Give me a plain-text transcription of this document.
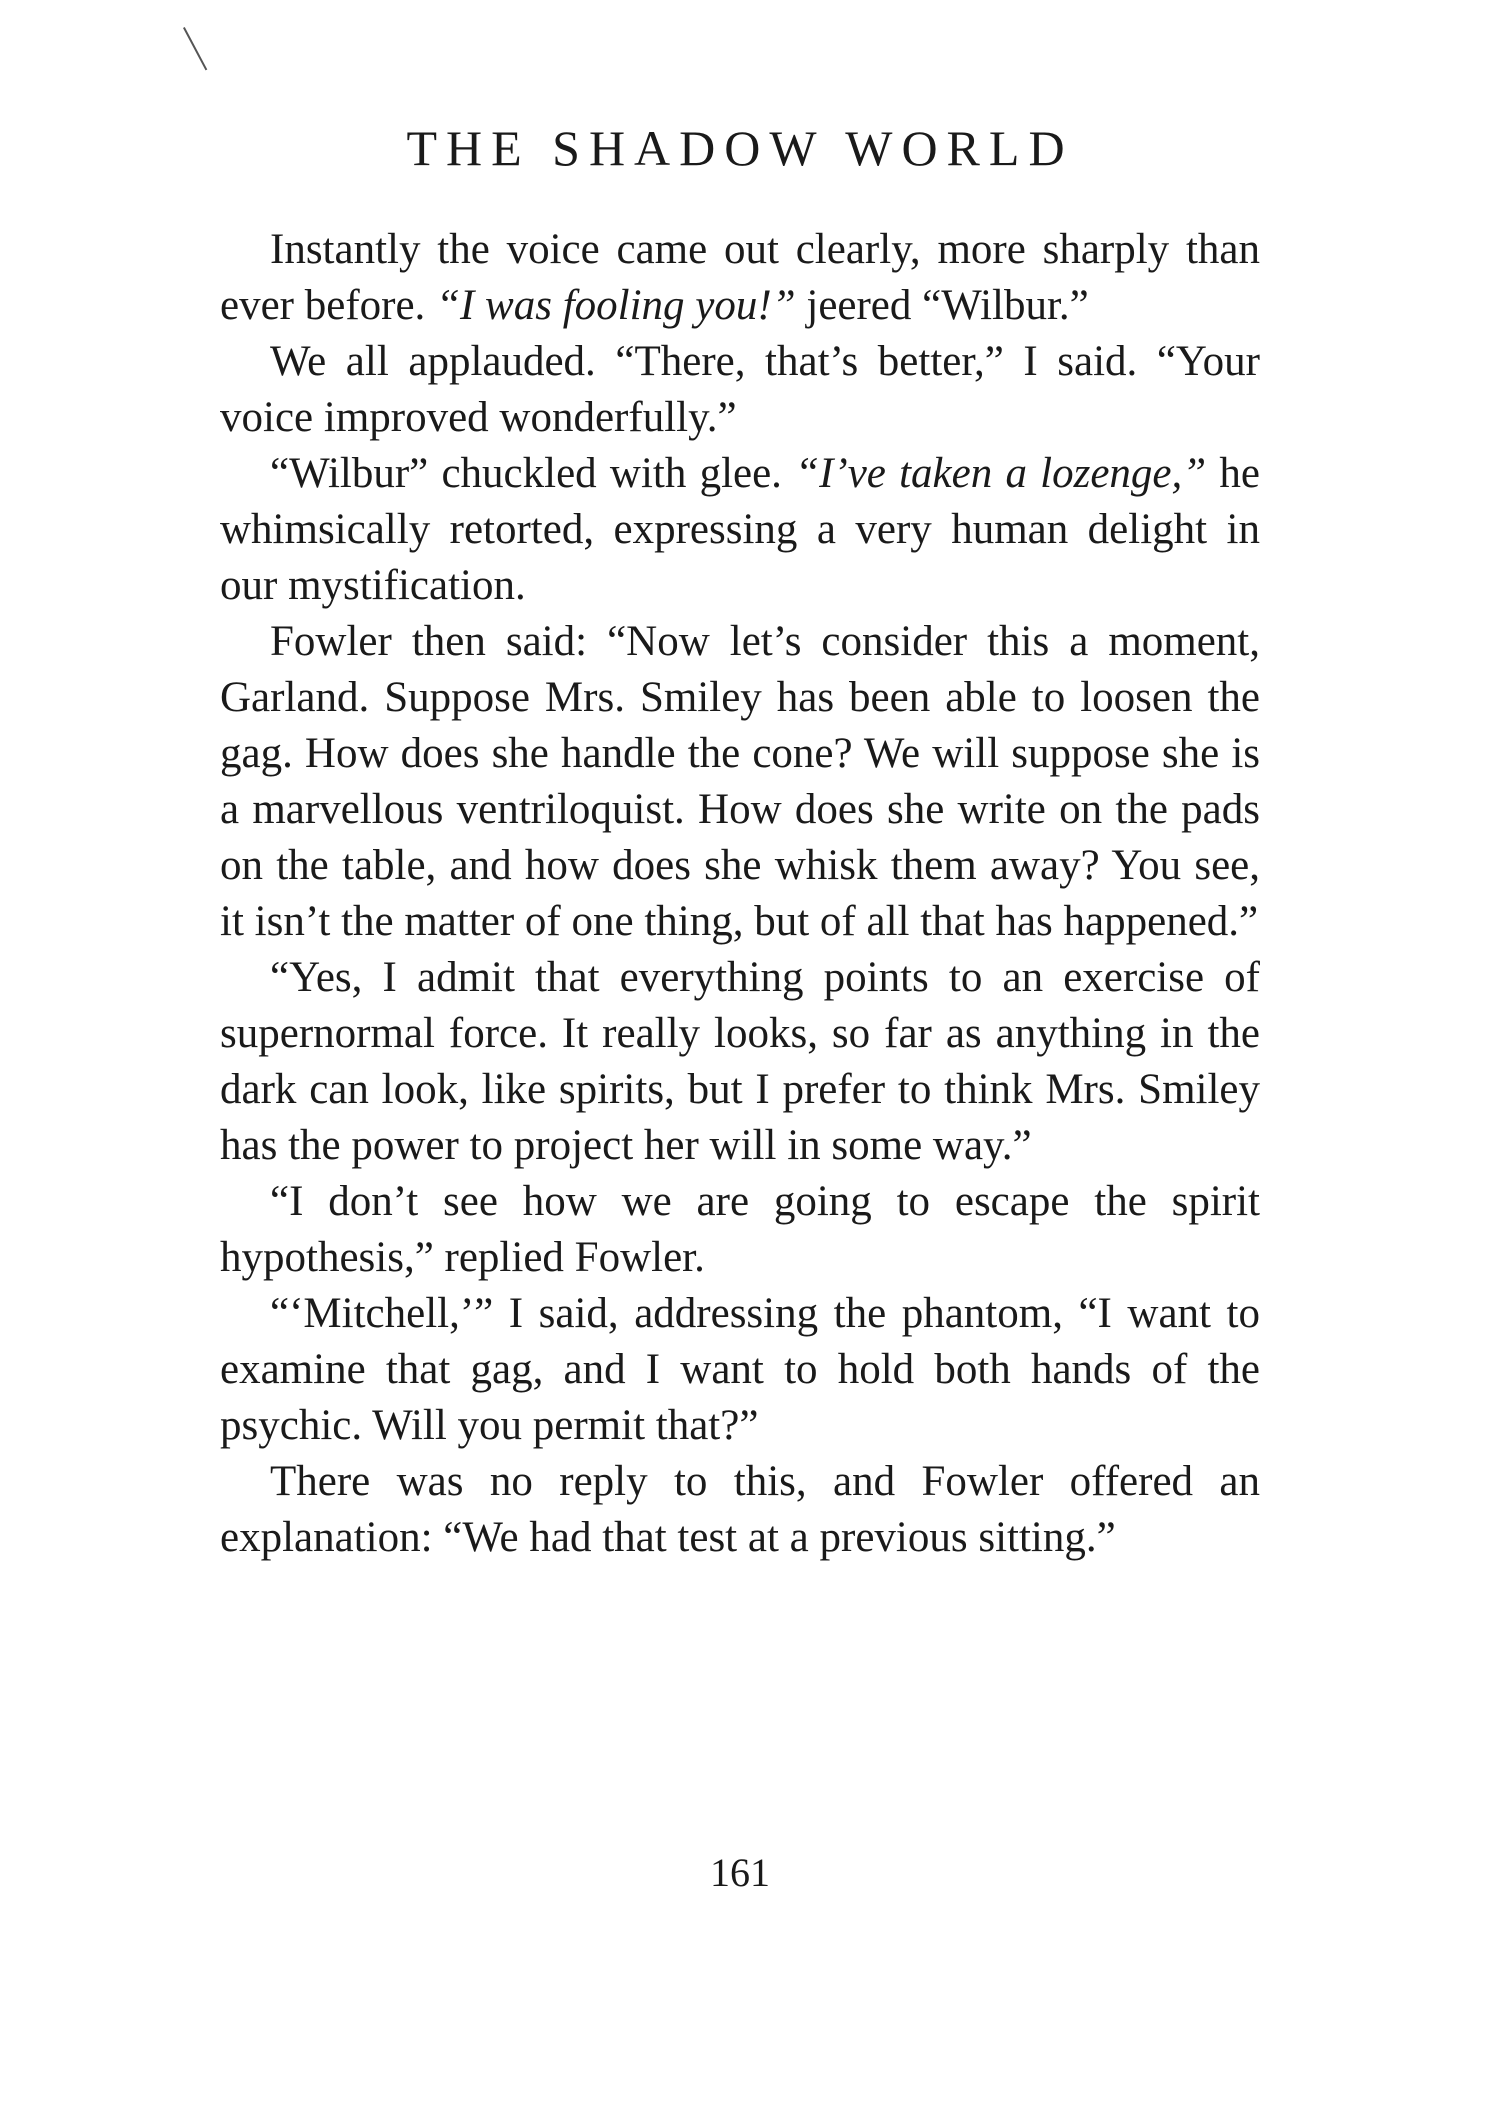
THE SHADOW WORLD

Instantly the voice came out clearly, more sharply than ever before. “I was fooling you!” jeered “Wilbur.”

We all applauded. “There, that’s better,” I said. “Your voice improved wonderfully.”

“Wilbur” chuckled with glee. “I’ve taken a lozenge,” he whimsically retorted, expressing a very human delight in our mystification.

Fowler then said: “Now let’s consider this a moment, Garland. Suppose Mrs. Smiley has been able to loosen the gag. How does she handle the cone? We will suppose she is a marvellous ventriloquist. How does she write on the pads on the table, and how does she whisk them away? You see, it isn’t the matter of one thing, but of all that has happened.”

“Yes, I admit that everything points to an exercise of supernormal force. It really looks, so far as anything in the dark can look, like spirits, but I prefer to think Mrs. Smiley has the power to project her will in some way.”

“I don’t see how we are going to escape the spirit hypothesis,” replied Fowler.

“‘Mitchell,’” I said, addressing the phantom, “I want to examine that gag, and I want to hold both hands of the psychic. Will you permit that?”

There was no reply to this, and Fowler offered an explanation: “We had that test at a previous sitting.”

161
